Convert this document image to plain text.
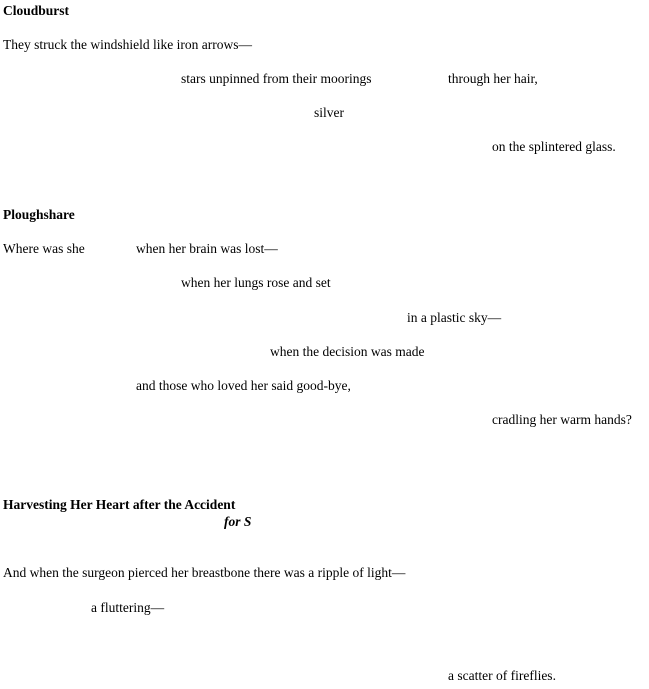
Cloudburst
They struck the windshield like iron arrows—
stars unpinned from their moorings	through her hair,
silver
on the splintered glass.
Ploughshare
Where was she	when her brain was lost—
when her lungs rose and set
in a plastic sky—
when the decision was made
and those who loved her said good-bye,
cradling her warm hands?
Harvesting Her Heart after the Accident
for S
And when the surgeon pierced her breastbone there was a ripple of light—
a fluttering—
a scatter of fireflies.
